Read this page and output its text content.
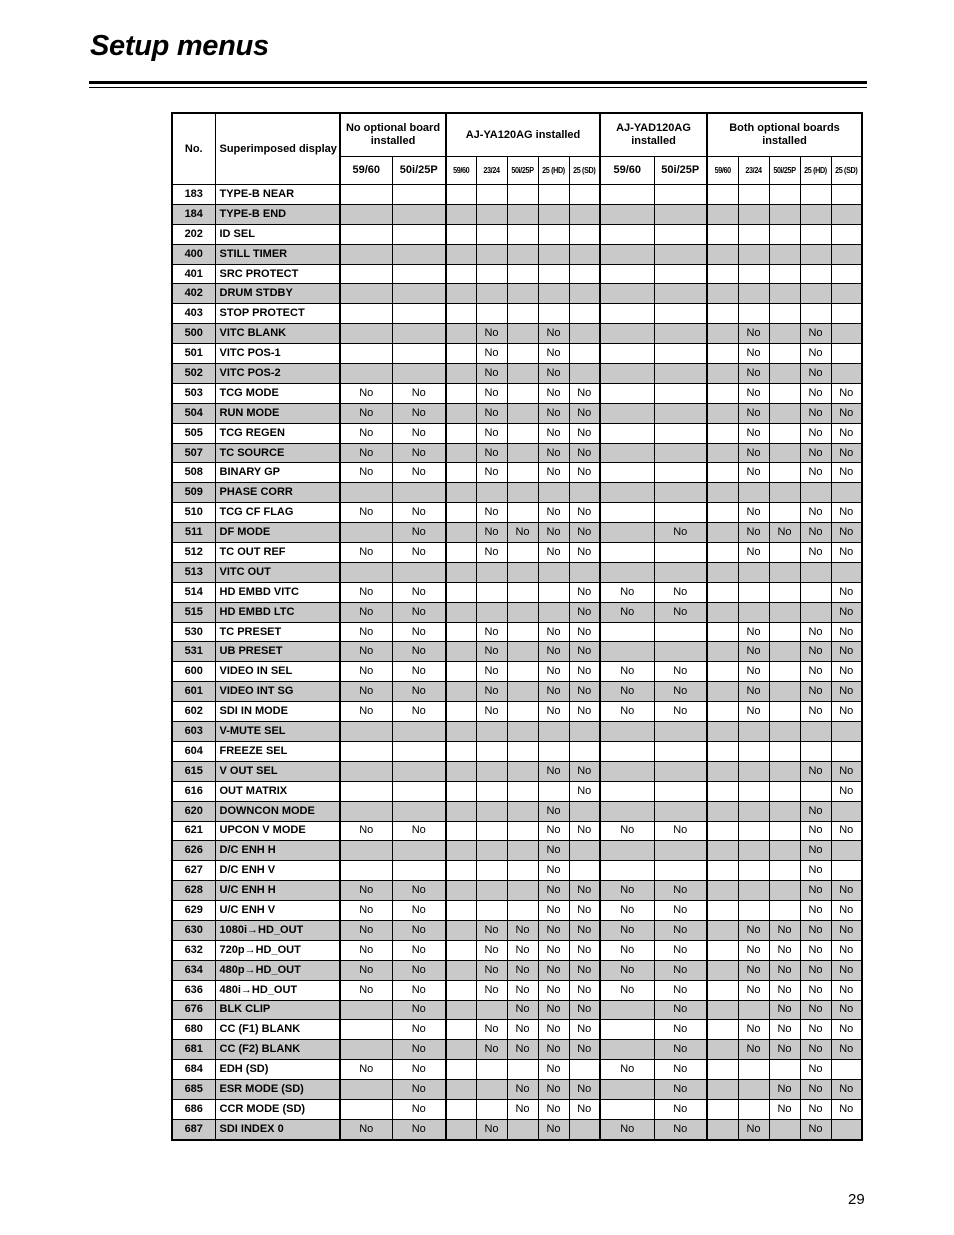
Setup menus
No.	Superimposed display	No optional board installed		AJ-YA120AG installed					AJ-YAD120AG installed		Both optional boards installed				
		59/60	50i/25P	59/60	23/24	50i/25P	25 (HD)	25 (SD)	59/60	50i/25P	59/60	23/24	50i/25P	25 (HD)	25 (SD)
183	TYPE-B NEAR														
184	TYPE-B END														
202	ID SEL														
400	STILL TIMER														
401	SRC PROTECT														
402	DRUM STDBY														
403	STOP PROTECT														
500	VITC BLANK				No		No					No		No	
501	VITC POS-1				No		No					No		No	
502	VITC POS-2				No		No					No		No	
503	TCG MODE	No	No		No		No	No				No		No	No
504	RUN MODE	No	No		No		No	No				No		No	No
505	TCG REGEN	No	No		No		No	No				No		No	No
507	TC SOURCE	No	No		No		No	No				No		No	No
508	BINARY GP	No	No		No		No	No				No		No	No
509	PHASE CORR														
510	TCG CF FLAG	No	No		No		No	No				No		No	No
511	DF MODE		No		No	No	No	No		No		No	No	No	No
512	TC OUT REF	No	No		No		No	No				No		No	No
513	VITC OUT														
514	HD EMBD VITC	No	No					No	No	No					No
515	HD EMBD LTC	No	No					No	No	No					No
530	TC PRESET	No	No		No		No	No				No		No	No
531	UB PRESET	No	No		No		No	No				No		No	No
600	VIDEO IN SEL	No	No		No		No	No	No	No		No		No	No
601	VIDEO INT SG	No	No		No		No	No	No	No		No		No	No
602	SDI IN MODE	No	No		No		No	No	No	No		No		No	No
603	V-MUTE SEL														
604	FREEZE SEL														
615	V OUT SEL						No	No						No	No
616	OUT MATRIX							No							No
620	DOWNCON MODE						No							No	
621	UPCON V MODE	No	No				No	No	No	No				No	No
626	D/C ENH H						No							No	
627	D/C ENH V						No							No	
628	U/C ENH H	No	No				No	No	No	No				No	No
629	U/C ENH V	No	No				No	No	No	No				No	No
630	1080i→HD_OUT	No	No		No	No	No	No	No	No		No	No	No	No
632	720p→HD_OUT	No	No		No	No	No	No	No	No		No	No	No	No
634	480p→HD_OUT	No	No		No	No	No	No	No	No		No	No	No	No
636	480i→HD_OUT	No	No		No	No	No	No	No	No		No	No	No	No
676	BLK CLIP		No			No	No	No		No			No	No	No
680	CC (F1) BLANK		No		No	No	No	No		No		No	No	No	No
681	CC (F2) BLANK		No		No	No	No	No		No		No	No	No	No
684	EDH (SD)	No	No				No		No	No				No	
685	ESR MODE (SD)		No			No	No	No		No			No	No	No
686	CCR MODE (SD)		No			No	No	No		No			No	No	No
687	SDI INDEX 0	No	No		No		No		No	No		No		No	
29
